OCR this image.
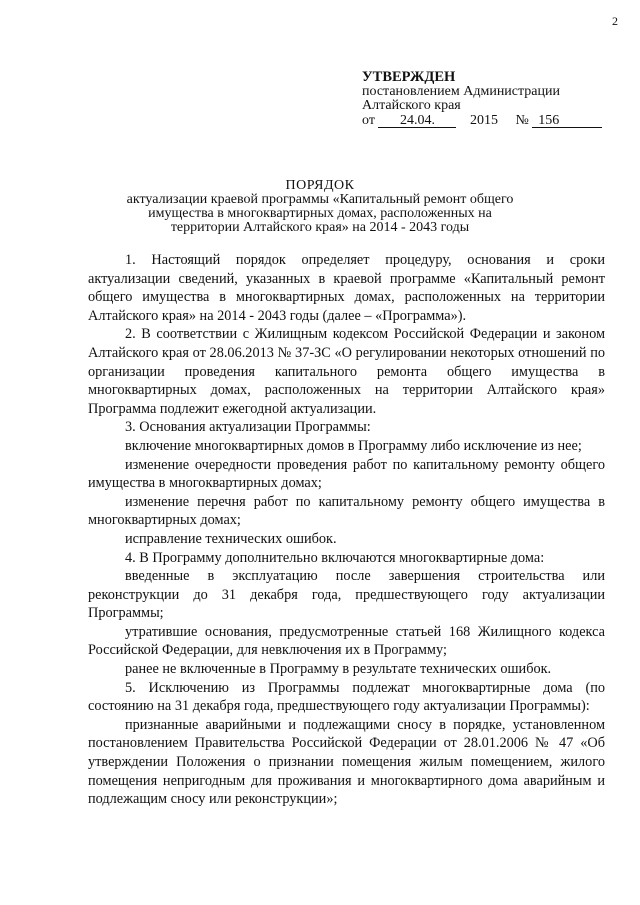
2
УТВЕРЖДЕН
постановлением Администрации
Алтайского края
от 24.04.	2015 № 156
ПОРЯДОК
актуализации краевой программы «Капитальный ремонт общего
имущества в многоквартирных домах, расположенных на
территории Алтайского края» на 2014 - 2043 годы

1. Настоящий порядок определяет процедуру, основания и сроки актуализации сведений, указанных в краевой программе «Капитальный ремонт общего имущества в многоквартирных домах, расположенных на территории Алтайского края» на 2014 - 2043 годы (далее – «Программа»).

2. В соответствии с Жилищным кодексом Российской Федерации и законом Алтайского края от 28.06.2013 № 37-ЗС «О регулировании некоторых отношений по организации проведения капитального ремонта общего имущества в многоквартирных домах, расположенных на территории Алтайского края» Программа подлежит ежегодной актуализации.

3. Основания актуализации Программы:

включение многоквартирных домов в Программу либо исключение из нее;

изменение очередности проведения работ по капитальному ремонту общего имущества в многоквартирных домах;

изменение перечня работ по капитальному ремонту общего имущества в многоквартирных домах;

исправление технических ошибок.

4. В Программу дополнительно включаются многоквартирные дома:

введенные в эксплуатацию после завершения строительства или реконструкции до 31 декабря года, предшествующего году актуализации Программы;

утратившие основания, предусмотренные статьей 168 Жилищного кодекса Российской Федерации, для невключения их в Программу;

ранее не включенные в Программу в результате технических ошибок.

5. Исключению из Программы подлежат многоквартирные дома (по состоянию на 31 декабря года, предшествующего году актуализации Программы):

признанные аварийными и подлежащими сносу в порядке, установленном постановлением Правительства Российской Федерации от 28.01.2006 № 47 «Об утверждении Положения о признании помещения жилым помещением, жилого помещения непригодным для проживания и многоквартирного дома аварийным и подлежащим сносу или реконструкции»;
